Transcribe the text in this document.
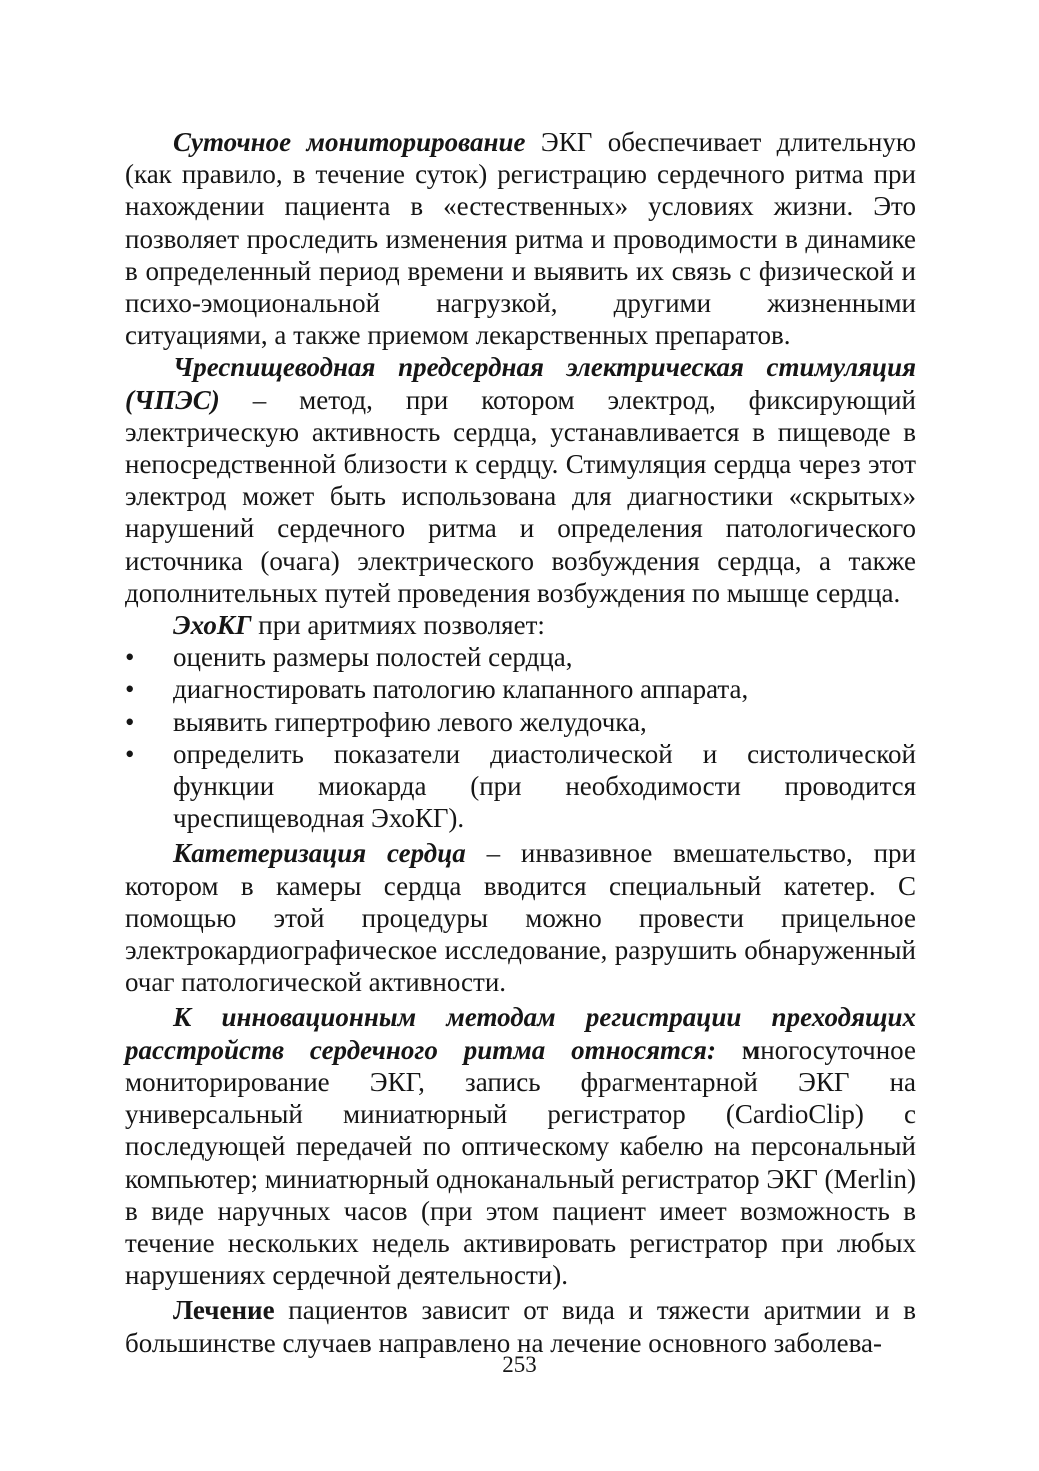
Суточное мониторирование ЭКГ обеспечивает длительную (как правило, в течение суток) регистрацию сердечного ритма при нахождении пациента в «естественных» условиях жизни. Это позволяет проследить изменения ритма и проводимости в динамике в определенный период времени и выявить их связь с физической и психо-эмоциональной нагрузкой, другими жизненными ситуациями, а также приемом лекарственных препаратов.

Чреспищеводная предсердная электрическая стимуляция (ЧПЭС) – метод, при котором электрод, фиксирующий электрическую активность сердца, устанавливается в пищеводе в непосредственной близости к сердцу. Стимуляция сердца через этот электрод может быть использована для диагностики «скрытых» нарушений сердечного ритма и определения патологического источника (очага) электрического возбуждения сердца, а также дополнительных путей проведения возбуждения по мышце сердца.

ЭхоКГ при аритмиях позволяет:

• оценить размеры полостей сердца,
• диагностировать патологию клапанного аппарата,
• выявить гипертрофию левого желудочка,
• определить показатели диастолической и систолической функции миокарда (при необходимости проводится чреспищеводная ЭхоКГ).

Катетеризация сердца – инвазивное вмешательство, при котором в камеры сердца вводится специальный катетер. С помощью этой процедуры можно провести прицельное электрокардиографическое исследование, разрушить обнаруженный очаг патологической активности.

К инновационным методам регистрации преходящих расстройств сердечного ритма относятся: многосуточное мониторирование ЭКГ, запись фрагментарной ЭКГ на универсальный миниатюрный регистратор (CardioClip) с последующей передачей по оптическому кабелю на персональный компьютер; миниатюрный одноканальный регистратор ЭКГ (Merlin) в виде наручных часов (при этом пациент имеет возможность в течение нескольких недель активировать регистратор при любых нарушениях сердечной деятельности).

Лечение пациентов зависит от вида и тяжести аритмии и в большинстве случаев направлено на лечение основного заболева-

253
